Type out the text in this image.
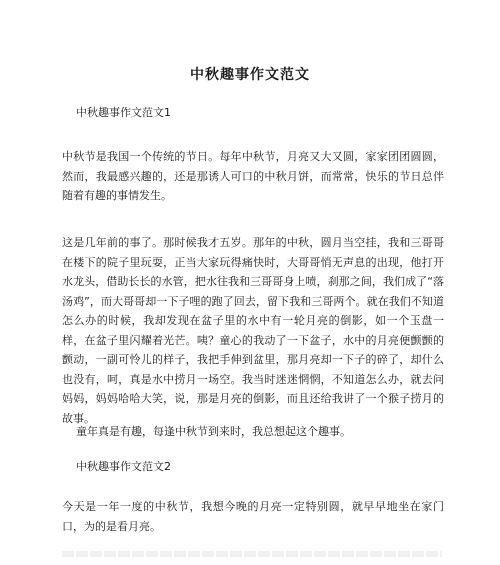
中秋趣事作文范文
中秋趣事作文范文1
中秋节是我国一个传统的节日。每年中秋节，月亮又大又圆，家家团团圆圆，然而，我最感兴趣的，还是那诱人可口的中秋月饼，而常常，快乐的节日总伴随着有趣的事情发生。
这是几年前的事了。那时候我才五岁。那年的中秋，圆月当空挂，我和三哥哥在楼下的院子里玩耍，正当大家玩得痛快时，大哥哥悄无声息的出现，他打开水龙头，借助长长的水管，把水往我和三哥哥身上喷，刹那之间，我们成了“落汤鸡”，而大哥哥却一下子哩的跑了回去，留下我和三哥两个。就在我们不知道怎么办的时候，我却发现在盆子里的水中有一轮月亮的倒影，如一个玉盘一样，在盆子里闪耀着光芒。咦？童心的我动了一下盆子，水中的月亮便颤颤的颤动，一副可怜儿的样子，我把手伸到盆里，那月亮却一下子的碎了，却什么也没有，呵，真是水中捞月一场空。我当时迷迷惘惘，不知道怎么办，就去问妈妈，妈妈哈哈大笑，说，那是月亮的倒影，而且还给我讲了一个猴子捞月的故事。
童年真是有趣，每逢中秋节到来时，我总想起这个趣事。
中秋趣事作文范文2
今天是一年一度的中秋节，我想今晚的月亮一定特别圆，就早早地坐在家门口，为的是看月亮。
